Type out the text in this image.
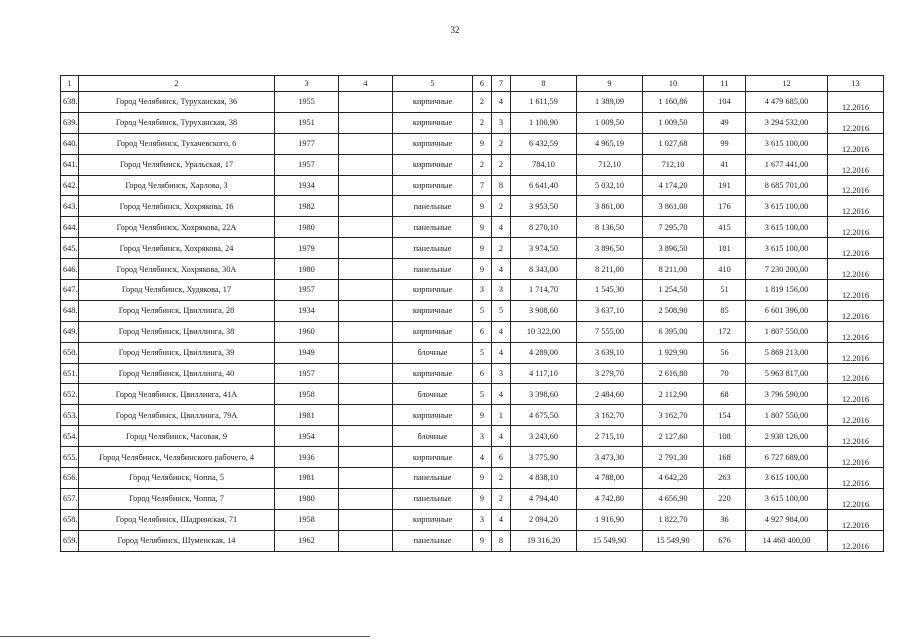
32
1	2	3	4	5	6	7	8	9	10	11	12	13
638.	Город Челябинск, Туруханская, 36	1955		кирпичные	2	4	1 611,59	1 389,09	1 160,86	104	4 479 685,00	12.2016
639.	Город Челябинск, Туруханская, 38	1951		кирпичные	2	3	1 100,90	1 009,50	1 009,50	49	3 294 532,00	12.2016
640.	Город Челябинск, Тухачевского, 6	1977		кирпичные	9	2	6 432,59	4 965,19	1 027,68	99	3 615 100,00	12.2016
641.	Город Челябинск, Уральская, 17	1957		кирпичные	2	2	784,10	712,10	712,10	41	1 677 441,00	12.2016
642.	Город Челябинск, Харлова, 3	1934		кирпичные	7	8	6 641,40	5 032,10	4 174,20	191	8 685 701,00	12.2016
643.	Город Челябинск, Хохрякова, 16	1982		панельные	9	2	3 953,50	3 861,00	3 861,00	176	3 615 100,00	12.2016
644.	Город Челябинск, Хохрякова, 22А	1980		панельные	9	4	8 270,10	8 136,50	7 295,70	415	3 615 100,00	12.2016
645.	Город Челябинск, Хохрякова, 24	1979		панельные	9	2	3 974,50	3 896,50	3 896,50	181	3 615 100,00	12.2016
646.	Город Челябинск, Хохрякова, 30А	1980		панельные	9	4	8 343,00	8 211,00	8 211,00	410	7 230 200,00	12.2016
647.	Город Челябинск, Худякова, 17	1957		кирпичные	3	3	1 714,70	1 545,30	1 254,50	51	1 819 156,00	12.2016
648.	Город Челябинск, Цвиллинга, 28	1934		кирпичные	5	5	3 908,60	3 637,10	2 508,90	85	6 601 396,00	12.2016
649.	Город Челябинск, Цвиллинга, 38	1960		кирпичные	6	4	10 322,00	7 555,00	6 395,00	172	1 807 550,00	12.2016
650.	Город Челябинск, Цвиллинга, 39	1949		блочные	5	4	4 289,00	3 639,10	1 929,90	56	5 869 213,00	12.2016
651.	Город Челябинск, Цвиллинга, 40	1957		кирпичные	6	3	4 117,10	3 279,70	2 616,80	70	5 963 817,00	12.2016
652.	Город Челябинск, Цвиллинга, 41А	1958		блочные	5	4	3 398,60	2 484,60	2 112,90	68	3 796 590,00	12.2016
653.	Город Челябинск, Цвиллинга, 79А	1981		кирпичные	9	1	4 675,50	3 162,70	3 162,70	154	1 807 550,00	12.2016
654.	Город Челябинск, Часовая, 9	1954		блочные	3	4	3 243,60	2 715,10	2 127,60	108	2 930 126,00	12.2016
655.	Город Челябинск, Челябинского рабочего, 4	1936		кирпичные	4	6	3 775,90	3 473,30	2 791,30	168	6 727 689,00	12.2016
656.	Город Челябинск, Чоппа, 5	1981		панельные	9	2	4 838,10	4 788,00	4 642,20	263	3 615 100,00	12.2016
657.	Город Челябинск, Чоппа, 7	1980		панельные	9	2	4 794,40	4 742,80	4 656,90	220	3 615 100,00	12.2016
658.	Город Челябинск, Шадринская, 71	1958		кирпичные	3	4	2 094,20	1 916,90	1 822,70	36	4 927 984,00	12.2016
659.	Город Челябинск, Шуменская, 14	1962		панельные	9	8	19 316,20	15 549,90	15 549,90	676	14 460 400,00	12.2016
